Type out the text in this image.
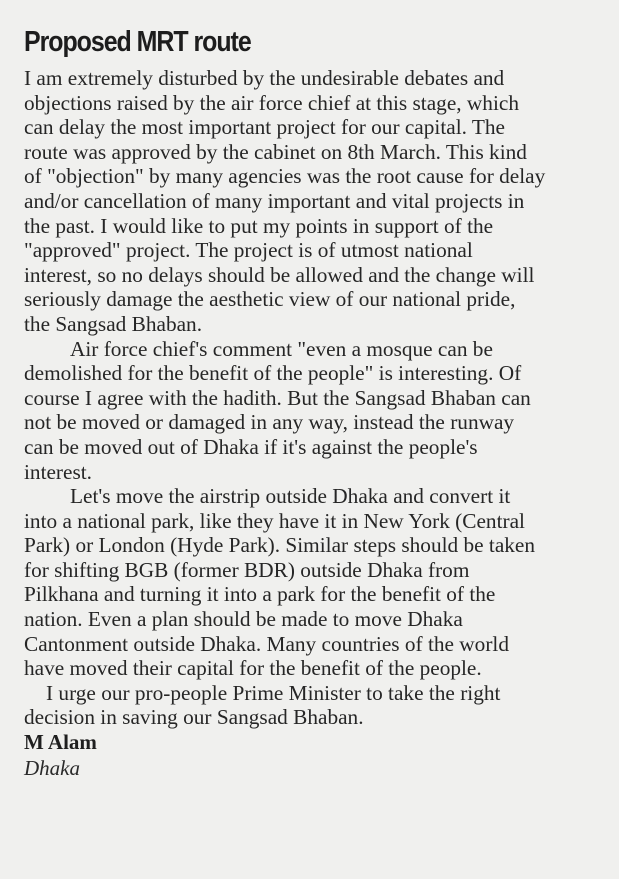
Proposed MRT route
I am extremely disturbed by the undesirable debates and
objections raised by the air force chief at this stage, which
can delay the most important project for our capital. The
route was approved by the cabinet on 8th March. This kind
of "objection" by many agencies was the root cause for delay
and/or cancellation of many important and vital projects in
the past. I would like to put my points in support of the
"approved" project. The project is of utmost national
interest, so no delays should be allowed and the change will
seriously damage the aesthetic view of our national pride,
the Sangsad Bhaban.
Air force chief's comment "even a mosque can be
demolished for the benefit of the people" is interesting. Of
course I agree with the hadith. But the Sangsad Bhaban can
not be moved or damaged in any way, instead the runway
can be moved out of Dhaka if it's against the people's
interest.
Let's move the airstrip outside Dhaka and convert it
into a national park, like they have it in New York (Central
Park) or London (Hyde Park). Similar steps should be taken
for shifting BGB (former BDR) outside Dhaka from
Pilkhana and turning it into a park for the benefit of the
nation. Even a plan should be made to move Dhaka
Cantonment outside Dhaka. Many countries of the world
have moved their capital for the benefit of the people.
I urge our pro-people Prime Minister to take the right
decision in saving our Sangsad Bhaban.
M Alam
Dhaka
